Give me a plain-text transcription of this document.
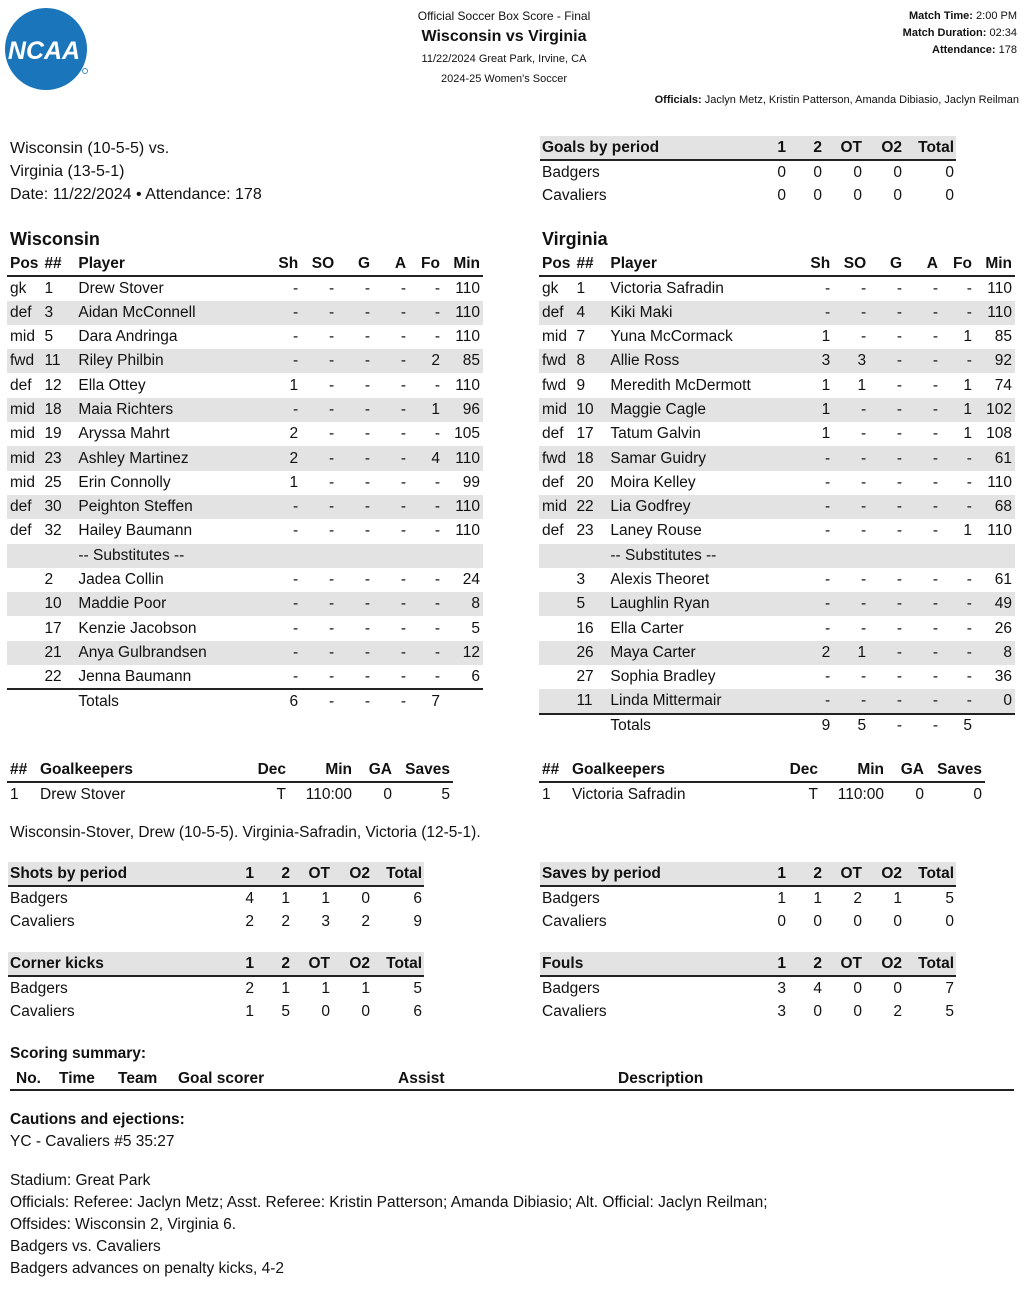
NCAA
Official Soccer Box Score - Final
Wisconsin vs Virginia
11/22/2024 Great Park, Irvine, CA
2024-25 Women's Soccer
Match Time: 2:00 PM
Match Duration: 02:34
Attendance: 178
Officials: Jaclyn Metz, Kristin Patterson, Amanda Dibiasio, Jaclyn Reilman
Wisconsin (10-5-5) vs.
Virginia (13-5-1)
Date: 11/22/2024 • Attendance: 178
Goals by period	1	2	OT	O2	Total
Badgers	0	0	0	0	0
Cavaliers	0	0	0	0	0
Wisconsin
Pos	##	Player	Sh	SO	G	A	Fo	Min
gk	1	Drew Stover	-	-	-	-	-	110
def	3	Aidan McConnell	-	-	-	-	-	110
mid	5	Dara Andringa	-	-	-	-	-	110
fwd	11	Riley Philbin	-	-	-	-	2	85
def	12	Ella Ottey	1	-	-	-	-	110
mid	18	Maia Richters	-	-	-	-	1	96
mid	19	Aryssa Mahrt	2	-	-	-	-	105
mid	23	Ashley Martinez	2	-	-	-	4	110
mid	25	Erin Connolly	1	-	-	-	-	99
def	30	Peighton Steffen	-	-	-	-	-	110
def	32	Hailey Baumann	-	-	-	-	-	110
		-- Substitutes --						
	2	Jadea Collin	-	-	-	-	-	24
	10	Maddie Poor	-	-	-	-	-	8
	17	Kenzie Jacobson	-	-	-	-	-	5
	21	Anya Gulbrandsen	-	-	-	-	-	12
	22	Jenna Baumann	-	-	-	-	-	6
		Totals	6	-	-	-	7	
Virginia
Pos	##	Player	Sh	SO	G	A	Fo	Min
gk	1	Victoria Safradin	-	-	-	-	-	110
def	4	Kiki Maki	-	-	-	-	-	110
mid	7	Yuna McCormack	1	-	-	-	1	85
fwd	8	Allie Ross	3	3	-	-	-	92
fwd	9	Meredith McDermott	1	1	-	-	1	74
mid	10	Maggie Cagle	1	-	-	-	1	102
def	17	Tatum Galvin	1	-	-	-	1	108
fwd	18	Samar Guidry	-	-	-	-	-	61
def	20	Moira Kelley	-	-	-	-	-	110
mid	22	Lia Godfrey	-	-	-	-	-	68
def	23	Laney Rouse	-	-	-	-	1	110
		-- Substitutes --						
	3	Alexis Theoret	-	-	-	-	-	61
	5	Laughlin Ryan	-	-	-	-	-	49
	16	Ella Carter	-	-	-	-	-	26
	26	Maya Carter	2	1	-	-	-	8
	27	Sophia Bradley	-	-	-	-	-	36
	11	Linda Mittermair	-	-	-	-	-	0
		Totals	9	5	-	-	5	
##	Goalkeepers	Dec	Min	GA	Saves
1	Drew Stover	T	110:00	0	5
##	Goalkeepers	Dec	Min	GA	Saves
1	Victoria Safradin	T	110:00	0	0
Wisconsin-Stover, Drew (10-5-5). Virginia-Safradin, Victoria (12-5-1).
Shots by period	1	2	OT	O2	Total
Badgers	4	1	1	0	6
Cavaliers	2	2	3	2	9
Saves by period	1	2	OT	O2	Total
Badgers	1	1	2	1	5
Cavaliers	0	0	0	0	0
Corner kicks	1	2	OT	O2	Total
Badgers	2	1	1	1	5
Cavaliers	1	5	0	0	6
Fouls	1	2	OT	O2	Total
Badgers	3	4	0	0	7
Cavaliers	3	0	0	2	5
Scoring summary:
No. Time Team Goal scorer	Assist	Description
Cautions and ejections:
YC - Cavaliers #5 35:27
Stadium: Great Park
Officials: Referee: Jaclyn Metz; Asst. Referee: Kristin Patterson; Amanda Dibiasio; Alt. Official: Jaclyn Reilman;
Offsides: Wisconsin 2, Virginia 6.
Badgers vs. Cavaliers
Badgers advances on penalty kicks, 4-2
